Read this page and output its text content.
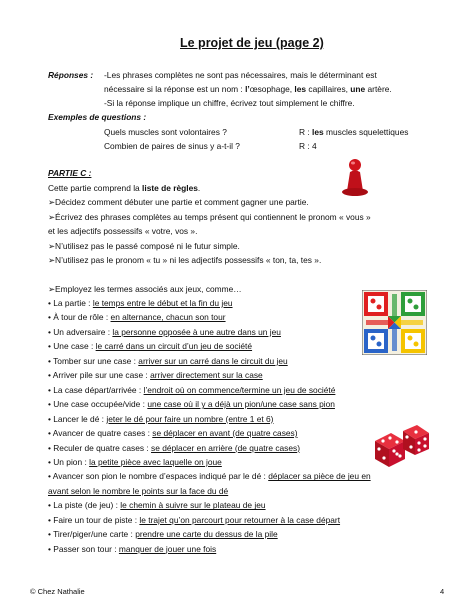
Le projet de jeu (page 2)
Réponses : -Les phrases complètes ne sont pas nécessaires, mais le déterminant est
nécessaire si la réponse est un nom : l’œsophage, les capillaires, une artère.
-Si la réponse implique un chiffre, écrivez tout simplement le chiffre.
Exemples de questions :
Quels muscles sont volontaires ?	R : les muscles squelettiques
Combien de paires de sinus y a-t-il ?	R : 4
PARTIE C :
Cette partie comprend la liste de règles.
➢Décidez comment débuter une partie et comment gagner une partie.
➢Écrivez des phrases complètes au temps présent qui contiennent le pronom « vous »
et les adjectifs possessifs « votre, vos ».
➢N’utilisez pas le passé composé ni le futur simple.
➢N’utilisez pas le pronom « tu » ni les adjectifs possessifs « ton, ta, tes ».
➢Employez les termes associés aux jeux, comme…
• La partie : le temps entre le début et la fin du jeu
• À tour de rôle : en alternance, chacun son tour
• Un adversaire : la personne opposée à une autre dans un jeu
• Une case : le carré dans un circuit d’un jeu de société
• Tomber sur une case : arriver sur un carré dans le circuit du jeu
• Arriver pile sur une case : arriver directement sur la case
• La case départ/arrivée : l’endroit où on commence/termine un jeu de société
• Une case occupée/vide : une case où il y a déjà un pion/une case sans pion
• Lancer le dé : jeter le dé pour faire un nombre (entre 1 et 6)
• Avancer de quatre cases : se déplacer en avant (de quatre cases)
• Reculer de quatre cases : se déplacer en arrière (de quatre cases)
• Un pion : la petite pièce avec laquelle on joue
• Avancer son pion le nombre d’espaces indiqué par le dé : déplacer sa pièce de jeu en
avant selon le nombre le points sur la face du dé
• La piste (de jeu) : le chemin à suivre sur le plateau de jeu
• Faire un tour de piste : le trajet qu’on parcourt pour retourner à la case départ
• Tirer/piger/une carte : prendre une carte du dessus de la pile
• Passer son tour : manquer de jouer une fois
© Chez Nathalie	4
